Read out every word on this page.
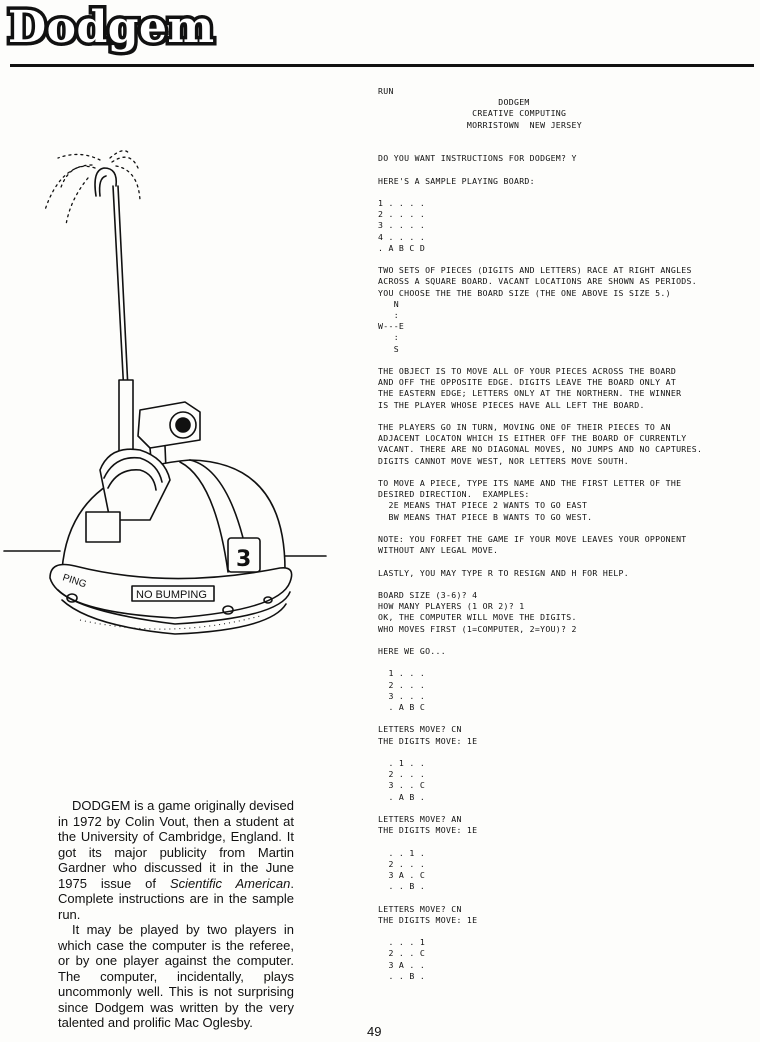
Dodgem
3
NO BUMPING
PING

DODGEM is a game originally devised in 1972 by Colin Vout, then a student at the University of Cambridge, England. It got its major publicity from Martin Gardner who discussed it in the June 1975 issue of Scientific American. Complete instructions are in the sample run.

It may be played by two players in which case the computer is the referee, or by one player against the computer. The computer, incidentally, plays uncommonly well. This is not surprising since Dodgem was written by the very talented and prolific Mac Oglesby.

RUN
DODGEM
CREATIVE COMPUTING
MORRISTOWN  NEW JERSEY
DO YOU WANT INSTRUCTIONS FOR DODGEM? Y
HERE'S A SAMPLE PLAYING BOARD:
1 . . . .
2 . . . .
3 . . . .
4 . . . .
. A B C D
TWO SETS OF PIECES (DIGITS AND LETTERS) RACE AT RIGHT ANGLES
ACROSS A SQUARE BOARD. VACANT LOCATIONS ARE SHOWN AS PERIODS.
YOU CHOOSE THE THE BOARD SIZE (THE ONE ABOVE IS SIZE 5.)
N
:
W---E
:
S
THE OBJECT IS TO MOVE ALL OF YOUR PIECES ACROSS THE BOARD
AND OFF THE OPPOSITE EDGE. DIGITS LEAVE THE BOARD ONLY AT
THE EASTERN EDGE; LETTERS ONLY AT THE NORTHERN. THE WINNER
IS THE PLAYER WHOSE PIECES HAVE ALL LEFT THE BOARD.
THE PLAYERS GO IN TURN, MOVING ONE OF THEIR PIECES TO AN
ADJACENT LOCATON WHICH IS EITHER OFF THE BOARD OF CURRENTLY
VACANT. THERE ARE NO DIAGONAL MOVES, NO JUMPS AND NO CAPTURES.
DIGITS CANNOT MOVE WEST, NOR LETTERS MOVE SOUTH.
TO MOVE A PIECE, TYPE ITS NAME AND THE FIRST LETTER OF THE
DESIRED DIRECTION.  EXAMPLES:
2E MEANS THAT PIECE 2 WANTS TO GO EAST
BW MEANS THAT PIECE B WANTS TO GO WEST.
NOTE: YOU FORFET THE GAME IF YOUR MOVE LEAVES YOUR OPPONENT
WITHOUT ANY LEGAL MOVE.
LASTLY, YOU MAY TYPE R TO RESIGN AND H FOR HELP.
BOARD SIZE (3-6)? 4
HOW MANY PLAYERS (1 OR 2)? 1
OK, THE COMPUTER WILL MOVE THE DIGITS.
WHO MOVES FIRST (1=COMPUTER, 2=YOU)? 2
HERE WE GO...
1 . . .
2 . . .
3 . . .
. A B C
LETTERS MOVE? CN
THE DIGITS MOVE: 1E
. 1 . .
2 . . .
3 . . C
. A B .
LETTERS MOVE? AN
THE DIGITS MOVE: 1E
. . 1 .
2 . . .
3 A . C
. . B .
LETTERS MOVE? CN
THE DIGITS MOVE: 1E
. . . 1
2 . . C
3 A . .
. . B .
49
